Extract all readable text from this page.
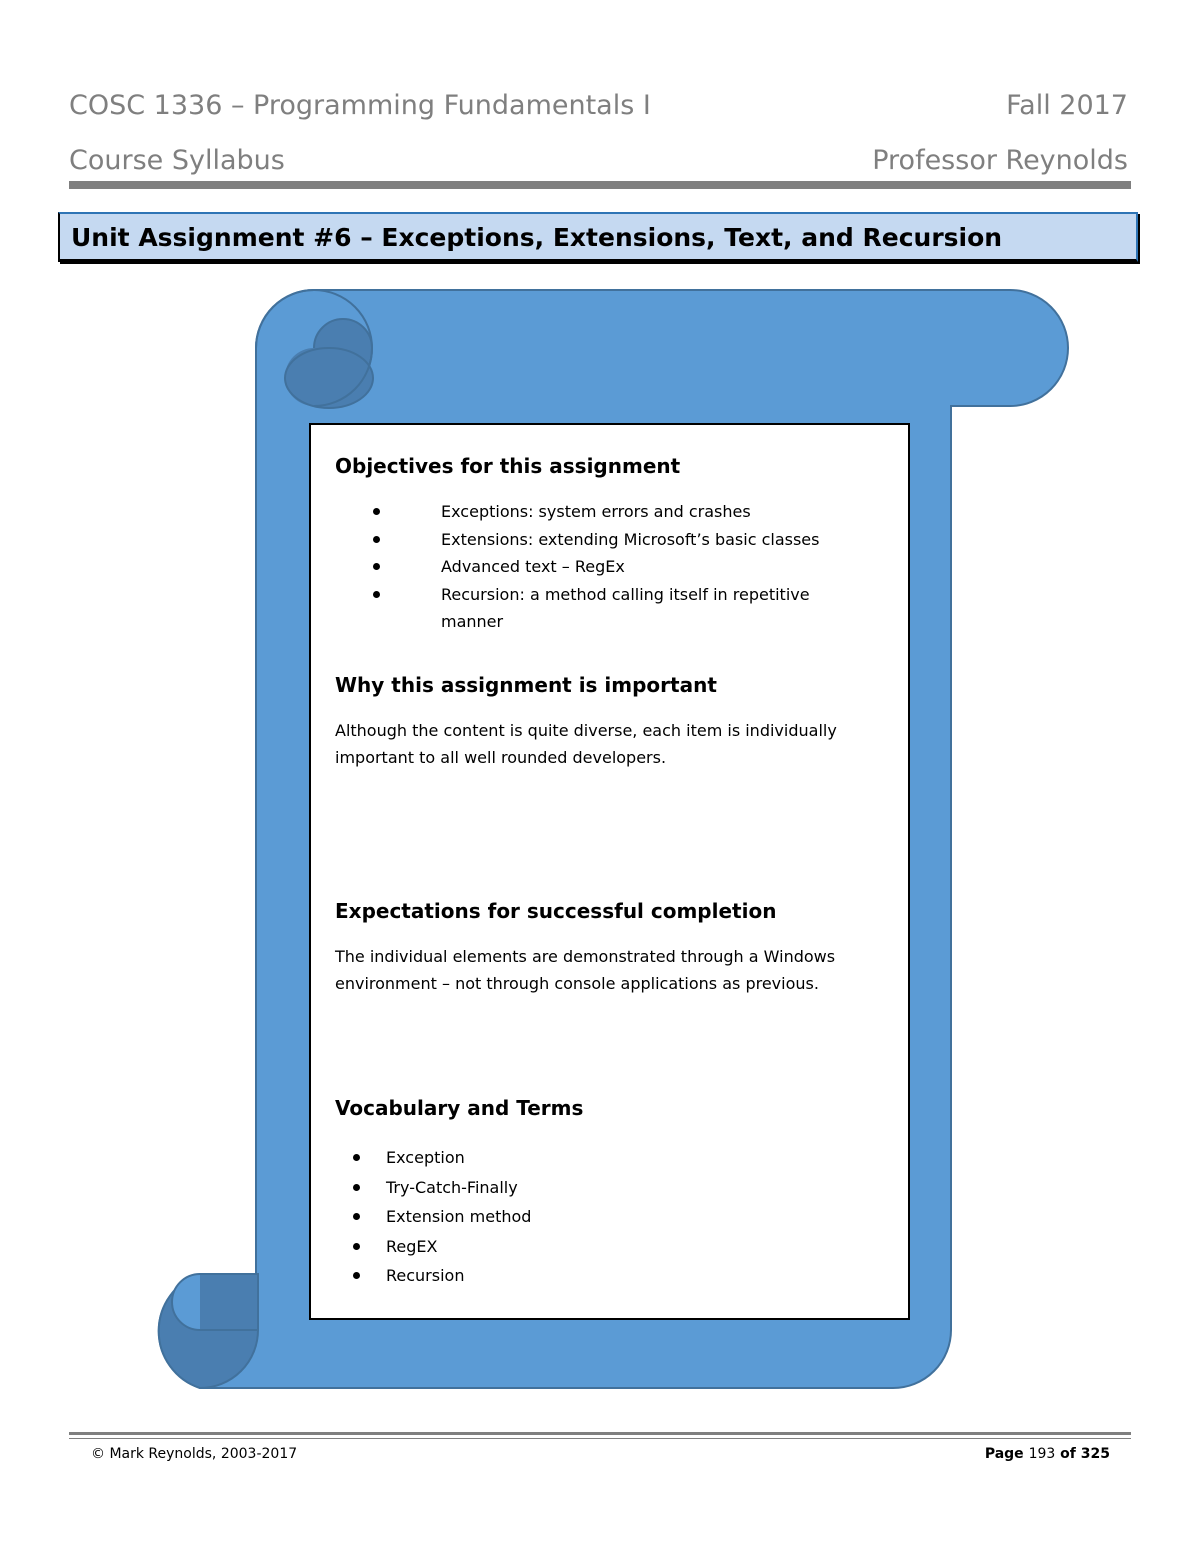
COSC 1336 – Programming Fundamentals I	Fall 2017
Course Syllabus	Professor Reynolds
Unit Assignment #6 – Exceptions, Extensions, Text, and Recursion
Objectives for this assignment
Exceptions: system errors and crashes
Extensions: extending Microsoft’s basic classes
Advanced text – RegEx
Recursion: a method calling itself in repetitive manner
Why this assignment is important
Although the content is quite diverse, each item is individually important to all well rounded developers.
Expectations for successful completion
The individual elements are demonstrated through a Windows environment – not through console applications as previous.
Vocabulary and Terms
Exception
Try-Catch-Finally
Extension method
RegEX
Recursion
© Mark Reynolds, 2003-2017	Page 193 of 325
